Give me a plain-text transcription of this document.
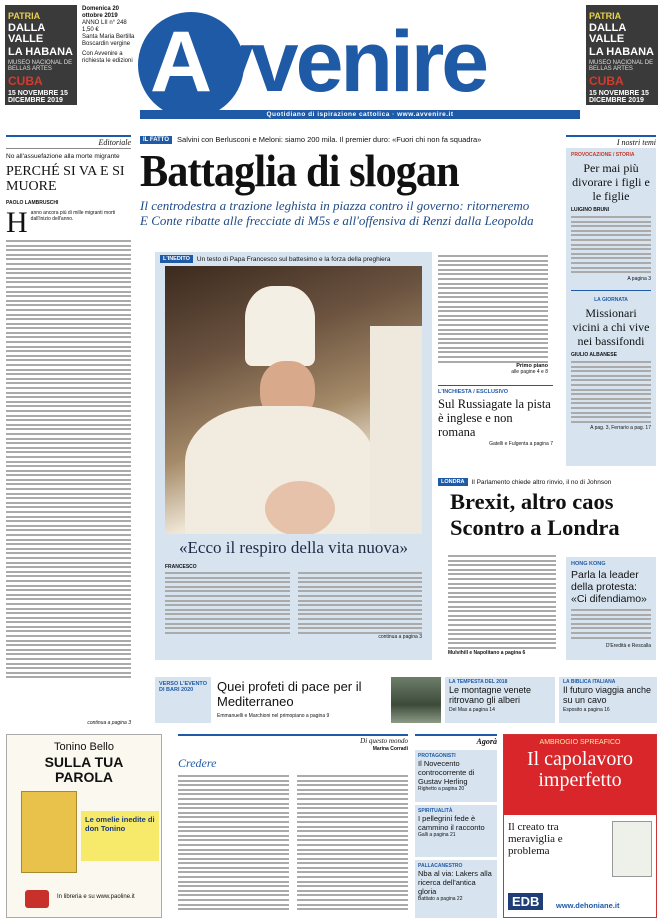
PATRIA
DALLA VALLE
LA HABANA
MUSEO NACIONAL DE BELLAS ARTES
CUBA
15 NOVEMBRE 15 DICEMBRE 2019
PATRIA
DALLA VALLE
LA HABANA
MUSEO NACIONAL DE BELLAS ARTES
CUBA
15 NOVEMBRE 15 DICEMBRE 2019
Domenica 20 ottobre 2019
ANNO LII n° 248
1,50 €
Santa Maria Bertilla Boscardin vergine
Con Avvenire a richiesta le edizioni Avvenire
Quotidiano di ispirazione cattolica · www.avvenire.it
Editoriale
No all'assuefazione alla morte migrante
PERCHÉ SI VA E SI MUORE
PAOLO LAMBRUSCHI
H anno ancora più di mille migranti morti dall'inizio dell'anno.
continua a pagina 3
IL FATTO	Salvini con Berlusconi e Meloni: siamo 200 mila. Il premier duro: «Fuori chi non fa squadra»
Battaglia di slogan
Il centrodestra a trazione leghista in piazza contro il governo: ritorneremo E Conte ribatte alle frecciate di M5s e all'offensiva di Renzi dalla Leopolda
L'INEDITO	Un testo di Papa Francesco sul battesimo e la forza della preghiera
«Ecco il respiro della vita nuova»
FRANCESCO
continua a pagina 3
Primo piano
alle pagine 4 e 8
L'INCHIESTA / ESCLUSIVO
Sul Russiagate la pista è inglese e non romana
Gatelli e Fulgenta a pagina 7
LONDRA	Il Parlamento chiede altro rinvio, il no di Johnson
Brexit, altro caos Scontro a Londra
Mulvihill e Napolitano a pagina 6
HONG KONG
Parla la leader della protesta: «Ci difendiamo»
D'Eredità e Rescalla
I nostri temi
PROVOCAZIONE / STORIA
Per mai più divorare i figli e le figlie
LUIGINO BRUNI
A pagina 3
LA GIORNATA
Missionari vicini a chi vive nei bassifondi
GIULIO ALBANESE
A pag. 3, Ferrario a pag. 17
VERSO L'EVENTO DI BARI 2020	Quei profeti di pace per il Mediterraneo
Emmanuelli e Marchioni nel primopiano a pagina 9
LA TEMPESTA DEL 2018
Le montagne venete ritrovano gli alberi
Del Mas a pagina 14
LA BIBLICA ITALIANA
Il futuro viaggia anche su un cavo
Esposito a pagina 16
Tonino Bello
SULLA TUA PAROLA
Le omelie inedite di don Tonino
In libreria e su www.paoline.it
Di questo mondo
Marina Corradi
Credere
Agorà
PROTAGONISTI
Il Novecento controcorrente di Gustav Herling
Righetto a pagina 20
SPIRITUALITÀ
I pellegrini fede è cammino il racconto
Galli a pagina 21
PALLACANESTRO
Nba al via: Lakers alla ricerca dell'antica gloria
Battiato a pagina 22
AMBROGIO SPREAFICO
Il capolavoro imperfetto
Il creato tra meraviglia e problema
EDB	www.dehoniane.it
